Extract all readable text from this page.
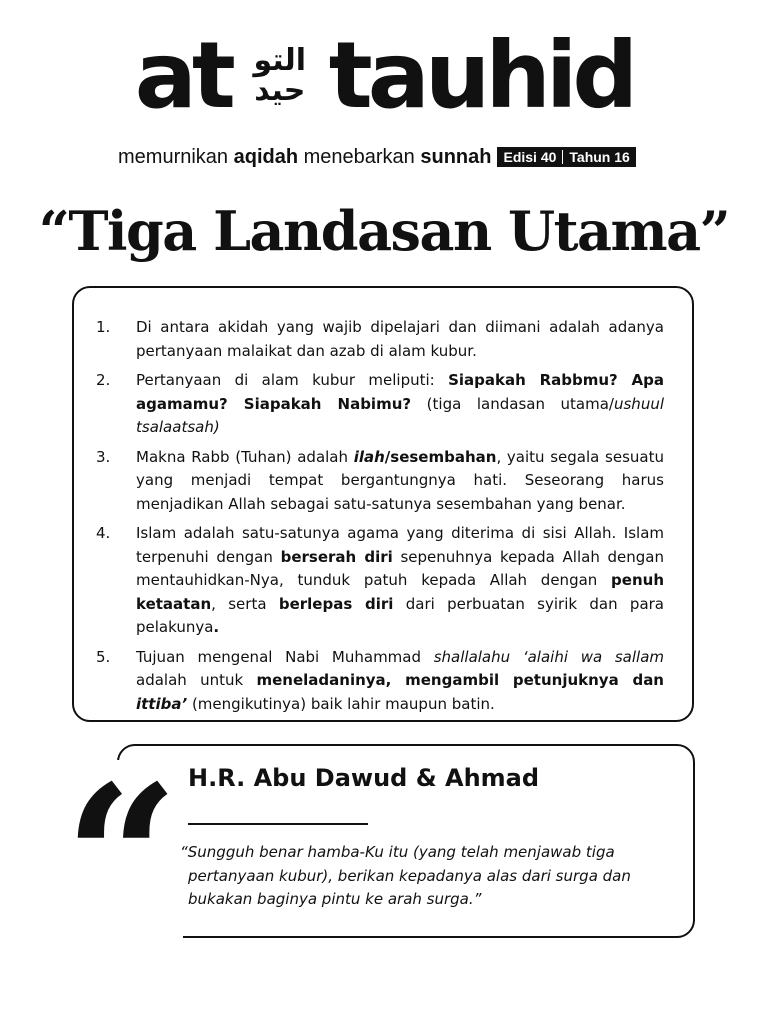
at التو
حيد tauhid
memurnikan aqidah menebarkan sunnah Edisi 40 Tahun 16
“Tiga Landasan Utama”
1.	Di antara akidah yang wajib dipelajari dan diimani adalah adanya pertanyaan malaikat dan azab di alam kubur.
2.	Pertanyaan di alam kubur meliputi: Siapakah Rabbmu? Apa agamamu? Siapakah Nabimu? (tiga landasan utama/ushuul tsalaatsah)
3.	Makna Rabb (Tuhan) adalah ilah/sesembahan, yaitu segala sesuatu yang menjadi tempat bergantungnya hati. Seseorang harus menjadikan Allah sebagai satu-satunya sesembahan yang benar.
4.	Islam adalah satu-satunya agama yang diterima di sisi Allah. Islam terpenuhi dengan berserah diri sepenuhnya kepada Allah dengan mentauhidkan-Nya, tunduk patuh kepada Allah dengan penuh ketaatan, serta berlepas diri dari perbuatan syirik dan para pelakunya.
5.	Tujuan mengenal Nabi Muhammad shallalahu ‘alaihi wa sallam adalah untuk meneladaninya, mengambil petunjuknya dan ittiba’ (mengikutinya) baik lahir maupun batin.
“ H.R. Abu Dawud & Ahmad
“Sungguh benar hamba-Ku itu (yang telah menjawab tiga pertanyaan kubur), berikan kepadanya alas dari surga dan bukakan baginya pintu ke arah surga.”
